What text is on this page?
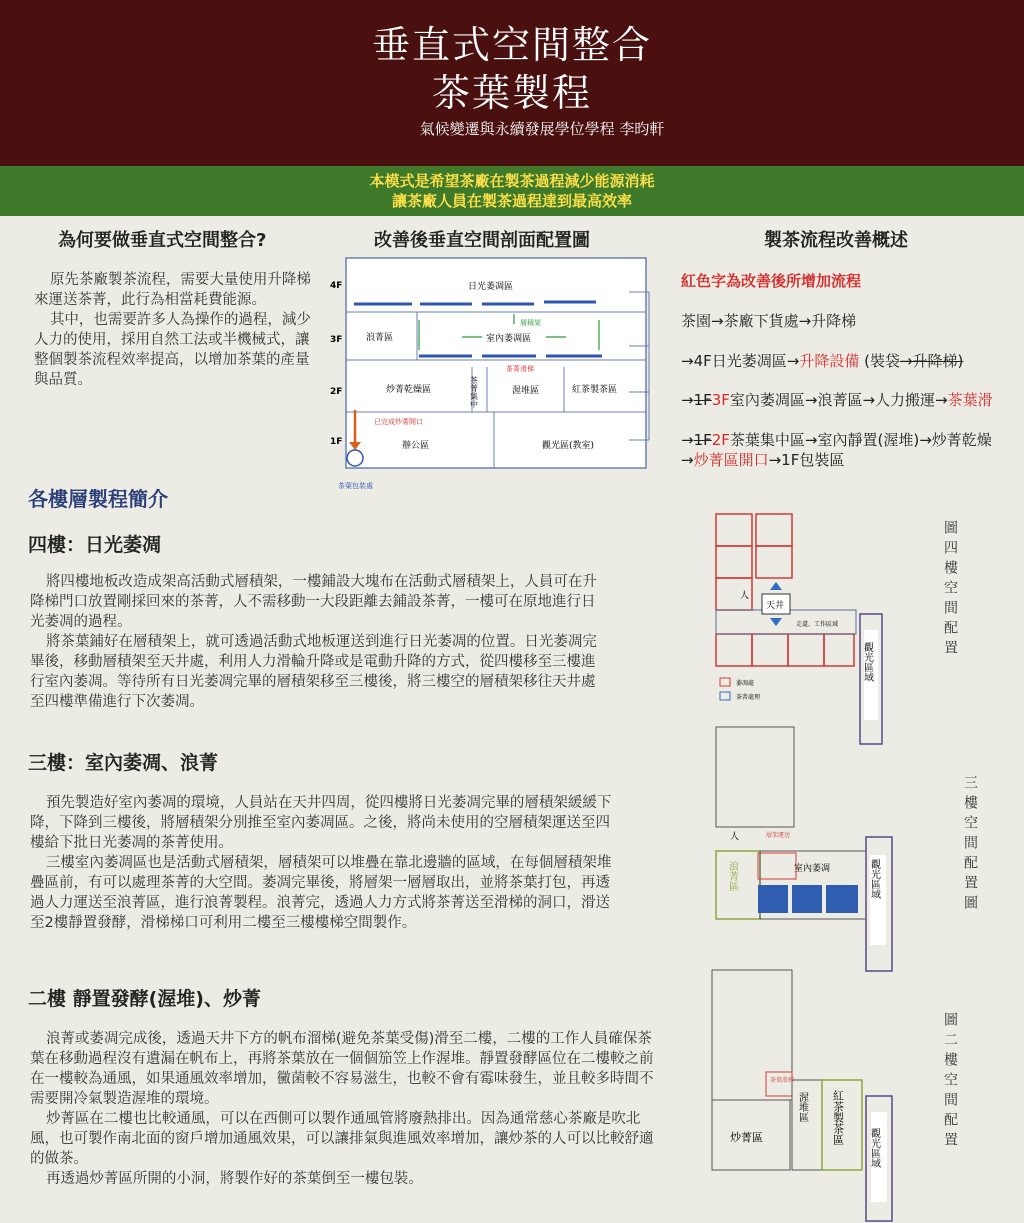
垂直式空間整合
茶葉製程
氣候變遷與永續發展學位學程 李昀軒
本模式是希望茶廠在製茶過程減少能源消耗
讓茶廠人員在製茶過程達到最高效率
為何要做垂直式空間整合?

原先茶廠製茶流程，需要大量使用升降梯來運送茶菁，此行為相當耗費能源。

其中，也需要許多人為操作的過程，減少人力的使用，採用自然工法或半機械式，讓整個製茶流程效率提高，以增加茶葉的產量與品質。

改善後垂直空間剖面配置圖
4F
3F
2F
1F
日光萎凋區
浪菁區	室內萎凋區
層積架
炒菁乾燥區	茶菁集中	渥堆區	紅茶製茶區
茶菁滑梯
已完成炒菁開口
辦公區	觀光區(教室)
茶葉包裝處
製茶流程改善概述
紅色字為改善後所增加流程
茶園→茶廠下貨處→升降梯
→4F日光萎凋區→升降設備 (裝袋→升降梯)
→1F3F室內萎凋區→浪菁區→人力搬運→茶葉滑
→1F2F茶葉集中區→室內靜置(渥堆)→炒菁乾燥
→炒菁區開口→1F包裝區
各樓層製程簡介
四樓：日光萎凋

將四樓地板改造成架高活動式層積架，一樓鋪設大塊布在活動式層積架上，人員可在升降梯門口放置剛採回來的茶菁，人不需移動一大段距離去鋪設茶菁，一樓可在原地進行日光萎凋的過程。

將茶葉鋪好在層積架上，就可透過活動式地板運送到進行日光萎凋的位置。日光萎凋完畢後，移動層積架至天井處，利用人力滑輪升降或是電動升降的方式，從四樓移至三樓進行室內萎凋。等待所有日光萎凋完畢的層積架移至三樓後，將三樓空的層積架移往天井處至四樓準備進行下次萎凋。

三樓：室內萎凋、浪菁

預先製造好室內萎凋的環境，人員站在天井四周，從四樓將日光萎凋完畢的層積架緩緩下降，下降到三樓後，將層積架分別推至室內萎凋區。之後，將尚未使用的空層積架運送至四樓給下批日光萎凋的茶菁使用。

三樓室內萎凋區也是活動式層積架，層積架可以堆疊在靠北邊牆的區域，在每個層積架堆疊區前，有可以處理茶菁的大空間。萎凋完畢後，將層架一層層取出，並將茶葉打包，再透過人力運送至浪菁區，進行浪菁製程。浪菁完，透過人力方式將茶菁送至滑梯的洞口，滑送至2樓靜置發酵，滑梯梯口可利用二樓至三樓樓梯空間製作。

二樓 靜置發酵(渥堆)、炒菁

浪菁或萎凋完成後，透過天井下方的帆布溜梯(避免茶葉受傷)滑至二樓，二樓的工作人員確保茶葉在移動過程沒有遺漏在帆布上，再將茶葉放在一個個笳笠上作渥堆。靜置發酵區位在二樓較之前在一樓較為通風，如果通風效率增加，黴菌較不容易滋生，也較不會有霉味發生，並且較多時間不需要開冷氣製造渥堆的環境。

炒菁區在二樓也比較通風，可以在西側可以製作通風管將廢熱排出。因為通常慈心茶廠是吹北風，也可製作南北面的窗戶增加通風效果，可以讓排氣與進風效率增加，讓炒茶的人可以比較舒適的做茶。

再透過炒菁區所開的小洞，將製作好的茶葉倒至一樓包裝。

人
天井
走道、工作區域
觀光區域
萎凋處
茶菁處理
圖四樓空間配置
人	層架運送
室內萎凋
浪菁區	觀光區域	三樓空間配置圖
茶葉滑梯
渥堆區 紅茶製茶區
炒菁區	觀光區域	圖二樓空間配置
